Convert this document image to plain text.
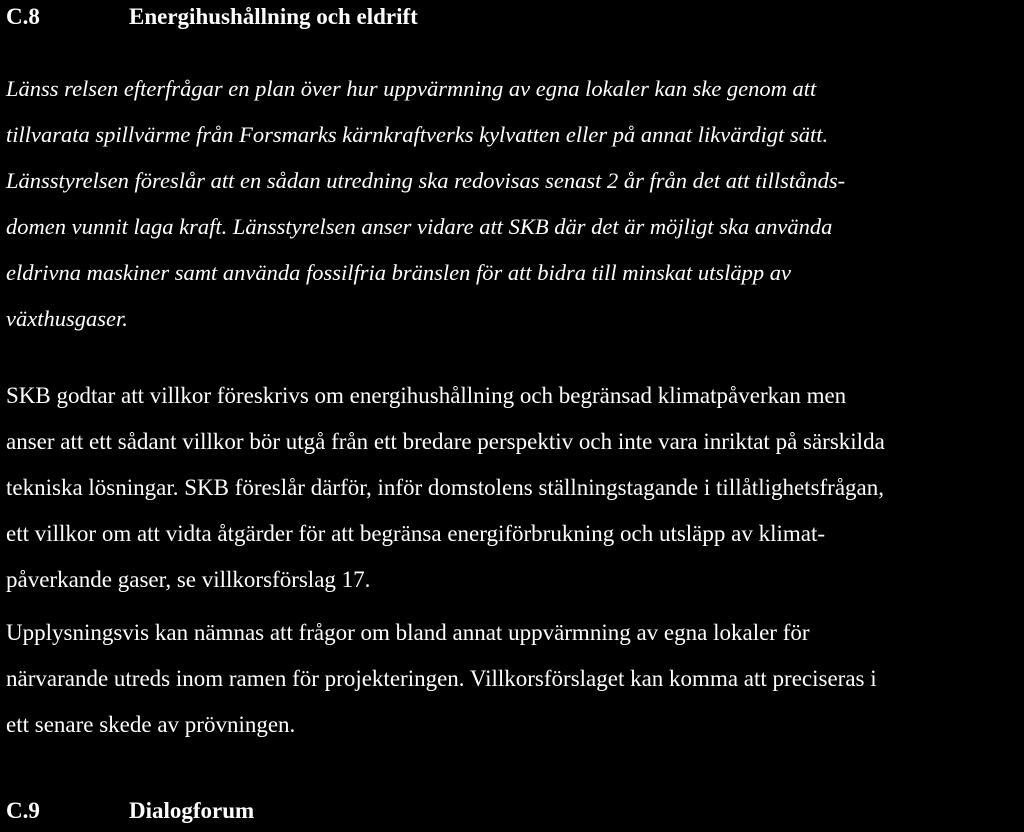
C.8	Energihushållning och eldrift

Länss relsen efterfrågar en plan över hur uppvärmning av egna lokaler kan ske genom att
tillvarata spillvärme från Forsmarks kärnkraftverks kylvatten eller på annat likvärdigt sätt.
Länsstyrelsen föreslår att en sådan utredning ska redovisas senast 2 år från det att tillstånds-
domen vunnit laga kraft. Länsstyrelsen anser vidare att SKB där det är möjligt ska använda
eldrivna maskiner samt använda fossilfria bränslen för att bidra till minskat utsläpp av
växthusgaser.

SKB godtar att villkor föreskrivs om energihushållning och begränsad klimatpåverkan men
anser att ett sådant villkor bör utgå från ett bredare perspektiv och inte vara inriktat på särskilda
tekniska lösningar. SKB föreslår därför, inför domstolens ställningstagande i tillåtlighetsfrågan,
ett villkor om att vidta åtgärder för att begränsa energiförbrukning och utsläpp av klimat-
påverkande gaser, se villkorsförslag 17.

Upplysningsvis kan nämnas att frågor om bland annat uppvärmning av egna lokaler för
närvarande utreds inom ramen för projekteringen. Villkorsförslaget kan komma att preciseras i
ett senare skede av prövningen.

C.9	Dialogforum
